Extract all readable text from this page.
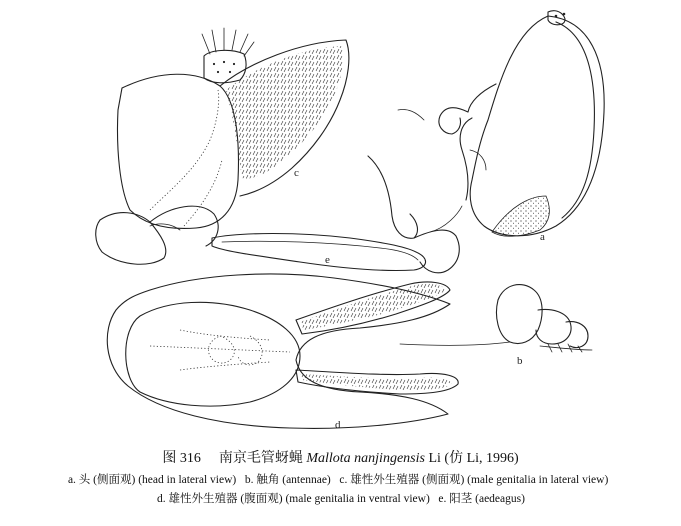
a
b
c
e
d
图 316 南京毛管蚜蝇 Mallota nanjingensis Li (仿 Li, 1996)
a. 头 (侧面观) (head in lateral view) b. 触角 (antennae) c. 雄性外生殖器 (侧面观) (male genitalia in lateral view)   d. 雄性外生殖器 (腹面观) (male genitalia in ventral view) e. 阳茎 (aedeagus)
